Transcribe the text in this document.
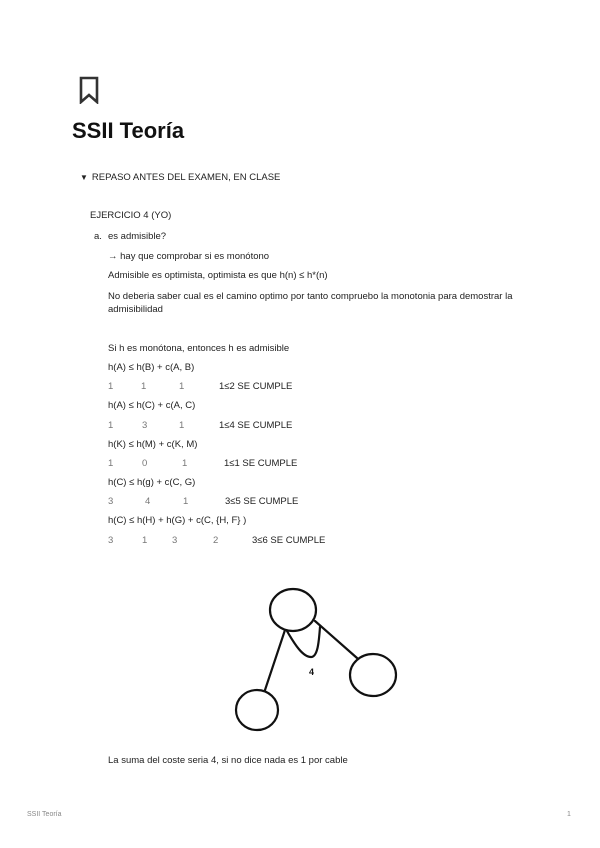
SSII Teoría
▼ REPASO ANTES DEL EXAMEN, EN CLASE
EJERCICIO 4 (YO)
a. es admisible?
→ hay que comprobar si es monótono
Admisible es optimista, optimista es que h(n) ≤ h*(n)
No deberia saber cual es el camino optimo por tanto compruebo la monotonia para demostrar la admisibilidad
Si h es monótona, entonces h es admisible
h(A) ≤ h(B) + c(A, B)
1	1	1	1≤2 SE CUMPLE
h(A) ≤ h(C) + c(A, C)
1	3	1	1≤4 SE CUMPLE
h(K) ≤ h(M) + c(K, M)
1	0	1	1≤1 SE CUMPLE
h(C) ≤ h(g) + c(C, G)
3	4	1	3≤5 SE CUMPLE
h(C) ≤ h(H) + h(G) + c(C, {H, F} )
3	1	3	2	3≤6 SE CUMPLE
4
La suma del coste seria 4, si no dice nada es 1 por cable
SSII Teoría	1
